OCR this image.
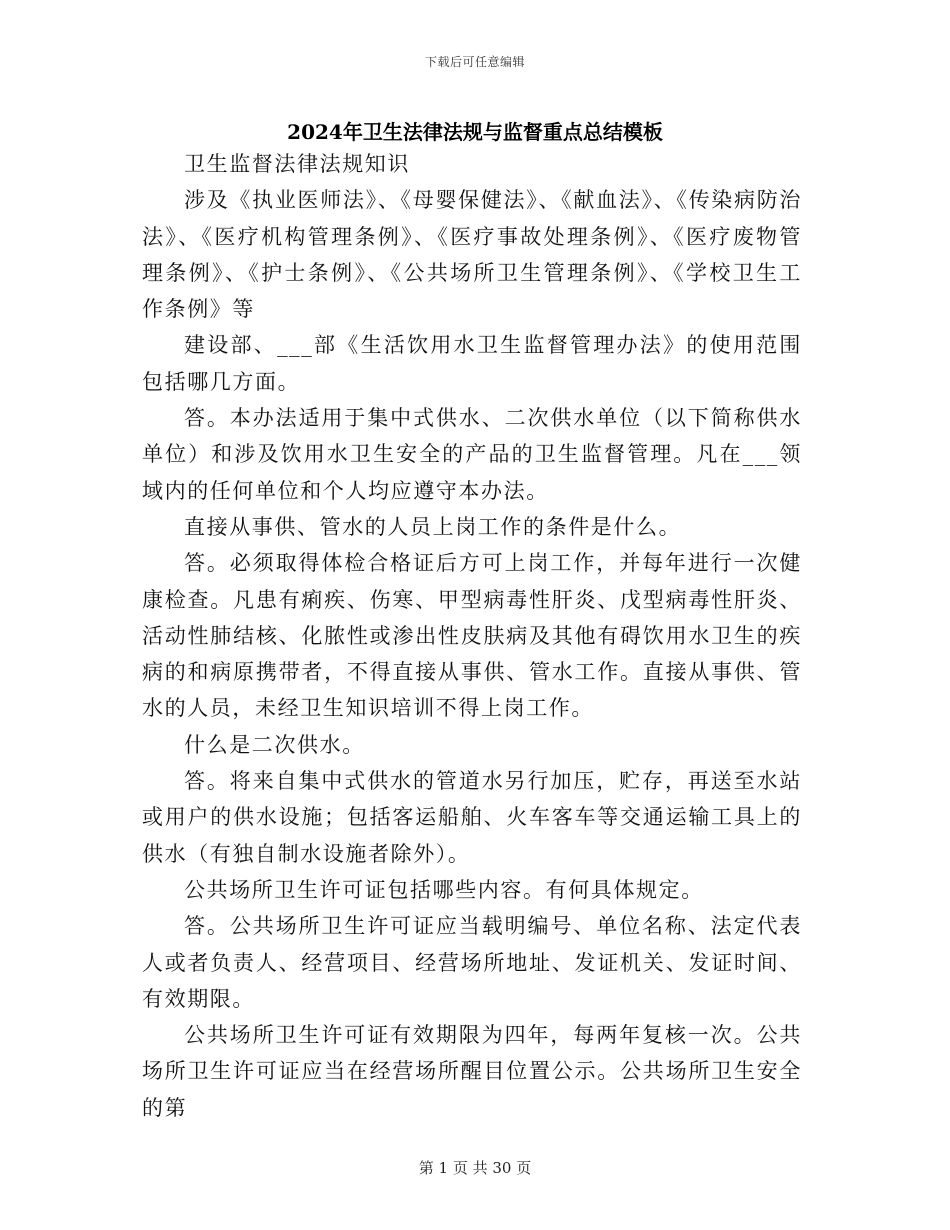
下载后可任意编辑
2024年卫生法律法规与监督重点总结模板

卫生监督法律法规知识

涉及《执业医师法》、《母婴保健法》、《献血法》、《传染病防治法》、《医疗机构管理条例》、《医疗事故处理条例》、《医疗废物管理条例》、《护士条例》、《公共场所卫生管理条例》、《学校卫生工作条例》等

建设部、___部《生活饮用水卫生监督管理办法》的使用范围包括哪几方面。

答。本办法适用于集中式供水、二次供水单位（以下简称供水单位）和涉及饮用水卫生安全的产品的卫生监督管理。凡在___领域内的任何单位和个人均应遵守本办法。

直接从事供、管水的人员上岗工作的条件是什么。

答。必须取得体检合格证后方可上岗工作，并每年进行一次健康检查。凡患有痢疾、伤寒、甲型病毒性肝炎、戊型病毒性肝炎、活动性肺结核、化脓性或渗出性皮肤病及其他有碍饮用水卫生的疾病的和病原携带者，不得直接从事供、管水工作。直接从事供、管水的人员，未经卫生知识培训不得上岗工作。

什么是二次供水。

答。将来自集中式供水的管道水另行加压，贮存，再送至水站或用户的供水设施；包括客运船舶、火车客车等交通运输工具上的供水（有独自制水设施者除外）。

公共场所卫生许可证包括哪些内容。有何具体规定。

答。公共场所卫生许可证应当载明编号、单位名称、法定代表人或者负责人、经营项目、经营场所地址、发证机关、发证时间、有效期限。

公共场所卫生许可证有效期限为四年，每两年复核一次。公共场所卫生许可证应当在经营场所醒目位置公示。公共场所卫生安全的第

第 1 页 共 30 页
